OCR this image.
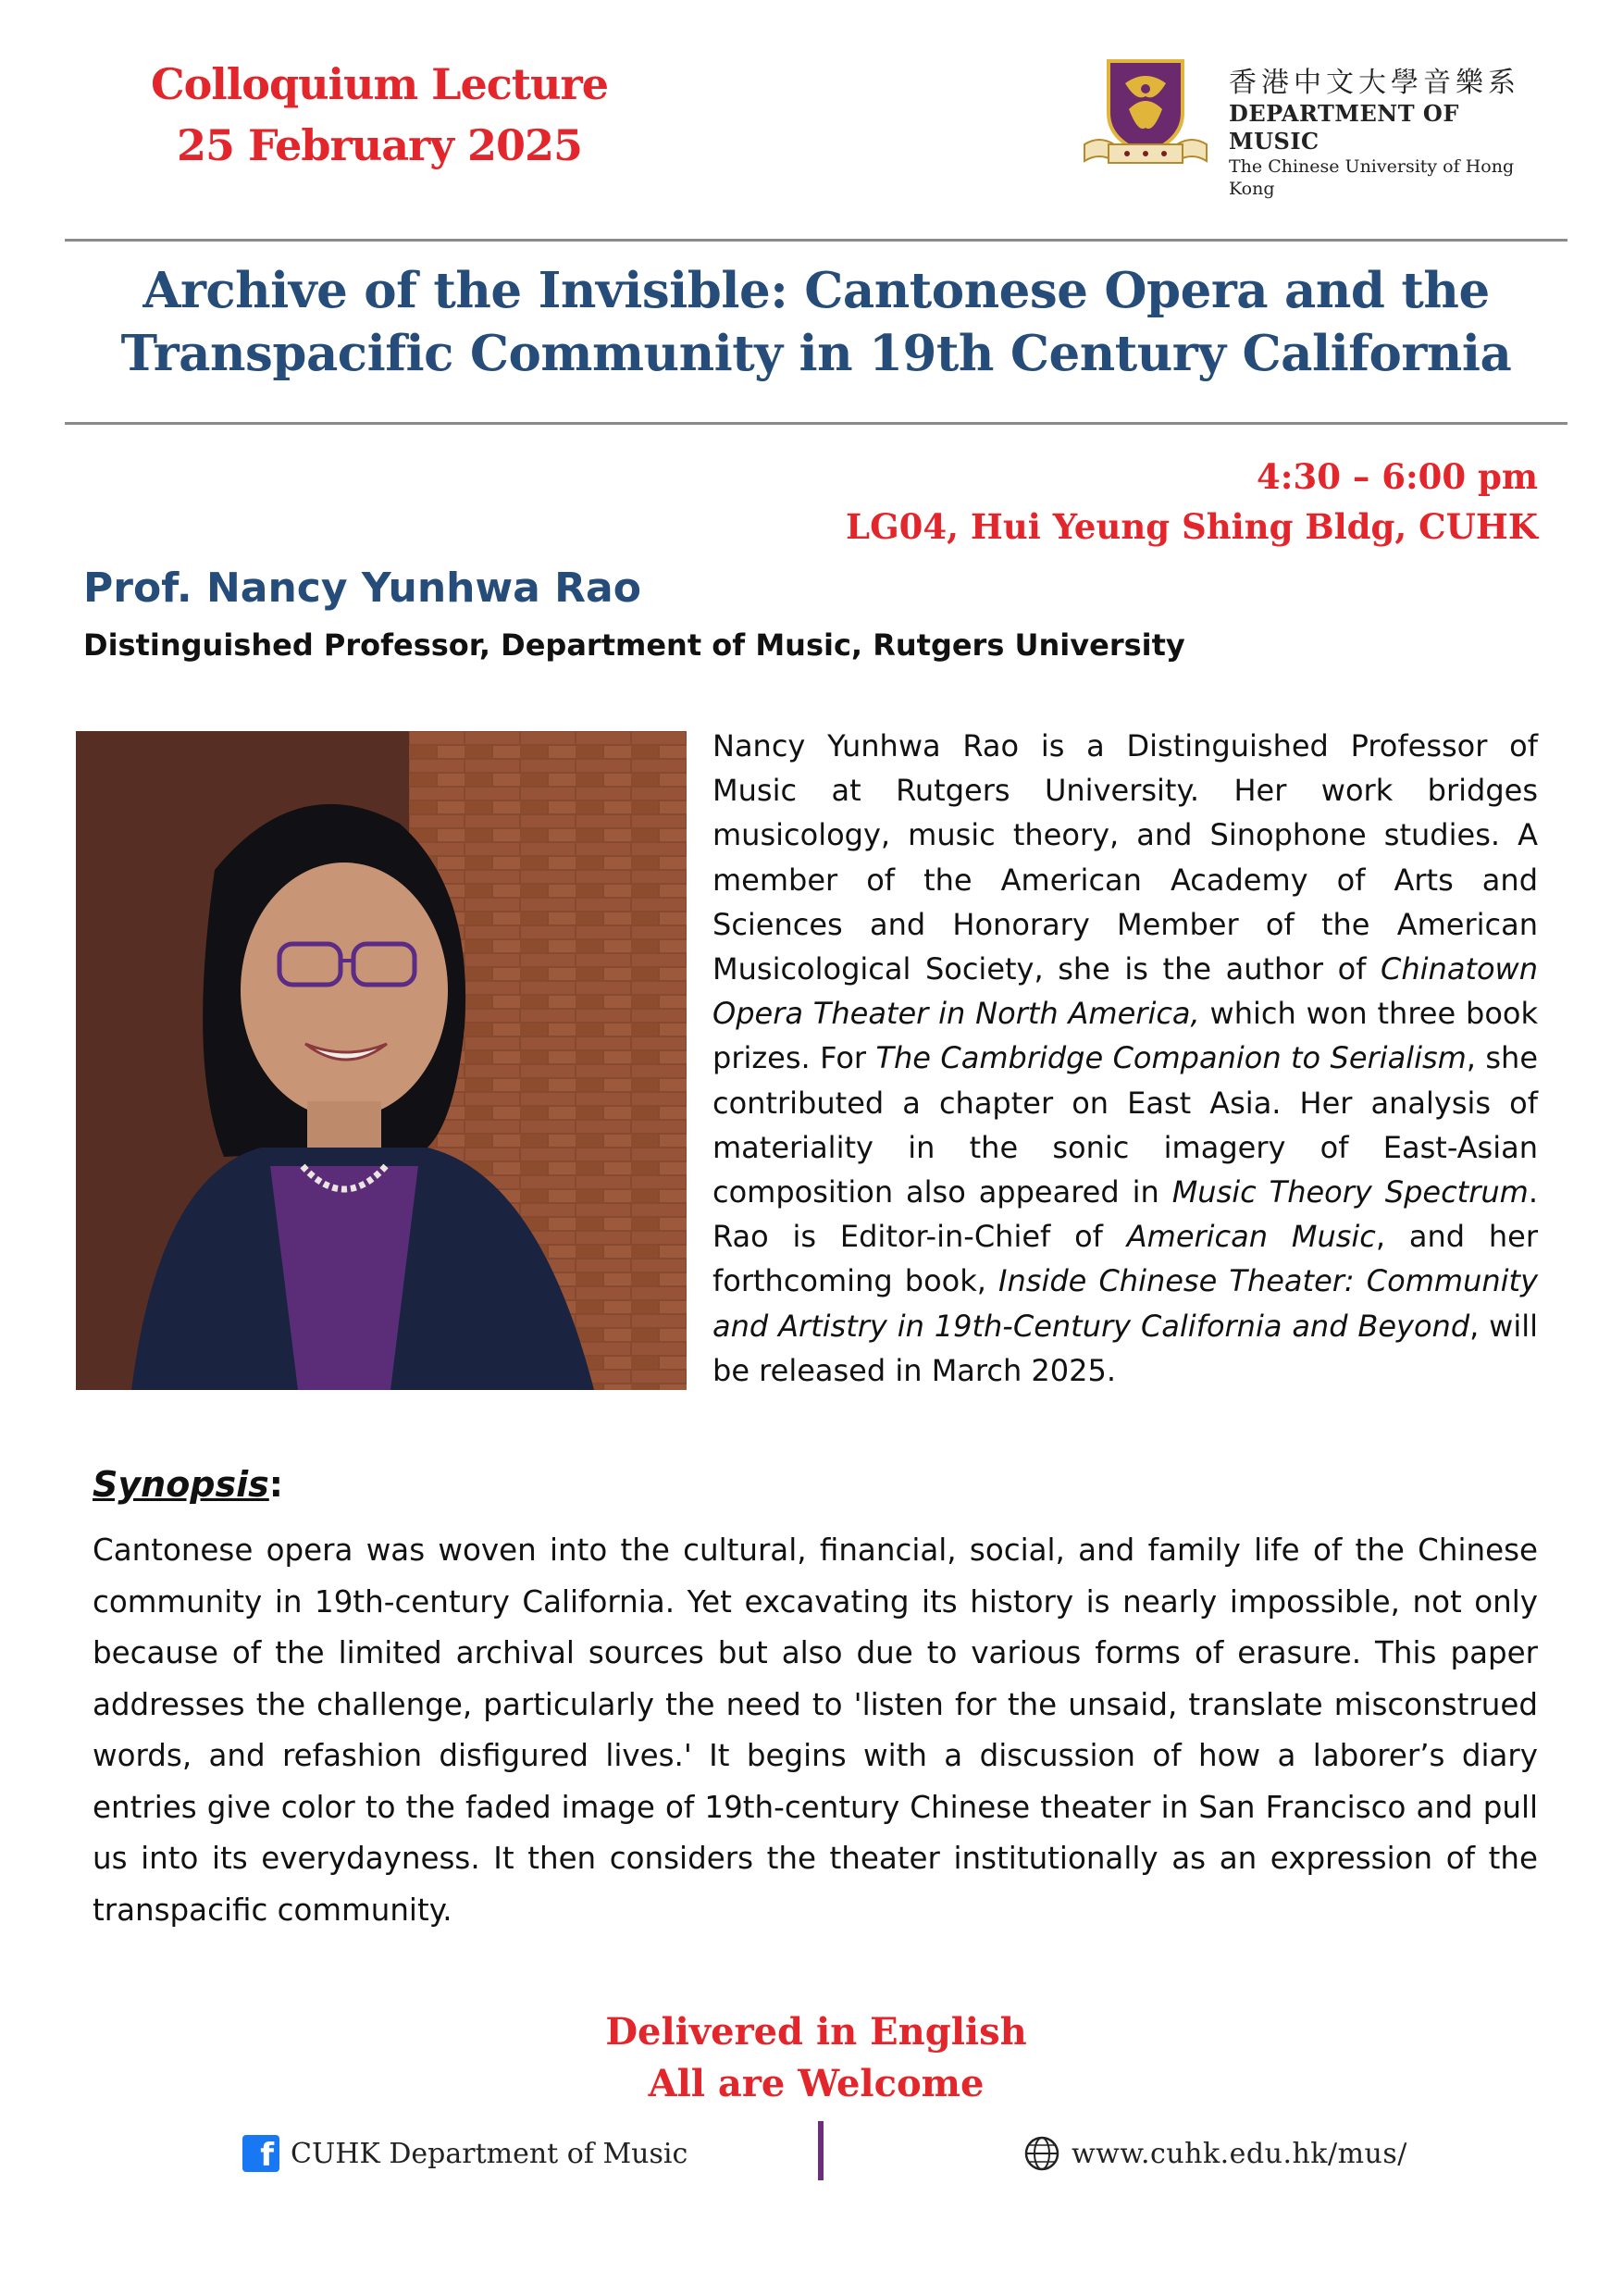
Colloquium Lecture
25 February 2025
香港中文大學音樂系
DEPARTMENT OF MUSIC
The Chinese University of Hong Kong
Archive of the Invisible: Cantonese Opera and the
Transpacific Community in 19th Century California
4:30 – 6:00 pm
LG04, Hui Yeung Shing Bldg, CUHK
Prof. Nancy Yunhwa Rao
Distinguished Professor, Department of Music, Rutgers University
Nancy Yunhwa Rao is a Distinguished Professor of Music at Rutgers University. Her work bridges musicology, music theory, and Sinophone studies. A member of the American Academy of Arts and Sciences and Honorary Member of the American Musicological Society, she is the author of Chinatown Opera Theater in North America, which won three book prizes. For The Cambridge Companion to Serialism, she contributed a chapter on East Asia. Her analysis of materiality in the sonic imagery of East-Asian composition also appeared in Music Theory Spectrum. Rao is Editor-in-Chief of American Music, and her forthcoming book, Inside Chinese Theater: Community and Artistry in 19th-Century California and Beyond, will be released in March 2025.
Synopsis:
Cantonese opera was woven into the cultural, financial, social, and family life of the Chinese community in 19th-century California. Yet excavating its history is nearly impossible, not only because of the limited archival sources but also due to various forms of erasure. This paper addresses the challenge, particularly the need to 'listen for the unsaid, translate misconstrued words, and refashion disfigured lives.' It begins with a discussion of how a laborer’s diary entries give color to the faded image of 19th-century Chinese theater in San Francisco and pull us into its everydayness. It then considers the theater institutionally as an expression of the transpacific community.
Delivered in English
All are Welcome
f CUHK Department of Music	www.cuhk.edu.hk/mus/
